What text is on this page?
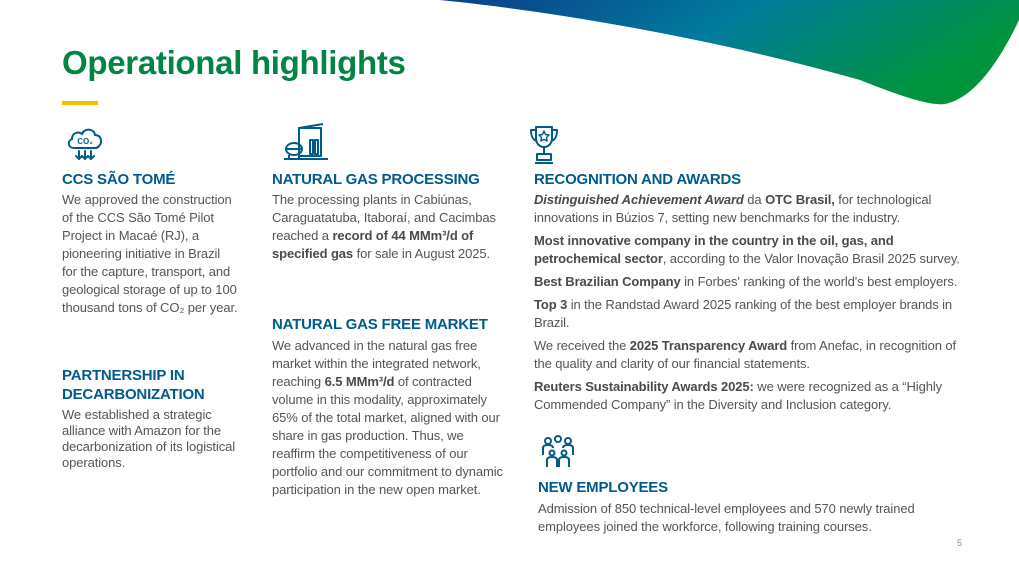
Operational highlights
CO₂
CCS SÃO TOMÉ

We approved the construction of the CCS São Tomé Pilot Project in Macaé (RJ), a pioneering initiative in Brazil for the capture, transport, and geological storage of up to 100 thousand tons of CO₂ per year.

PARTNERSHIP IN DECARBONIZATION

We established a strategic alliance with Amazon for the decarbonization of its logistical operations.

NATURAL GAS PROCESSING

The processing plants in Cabiúnas, Caraguatatuba, Itaboraí, and Cacimbas reached a record of 44 MMm³/d of specified gas for sale in August 2025.

NATURAL GAS FREE MARKET

We advanced in the natural gas free market within the integrated network, reaching 6.5 MMm³/d of contracted volume in this modality, approximately 65% of the total market, aligned with our share in gas production. Thus, we reaffirm the competitiveness of our portfolio and our commitment to dynamic participation in the new open market.

RECOGNITION AND AWARDS

Distinguished Achievement Award da OTC Brasil, for technological innovations in Búzios 7, setting new benchmarks for the industry.

Most innovative company in the country in the oil, gas, and petrochemical sector, according to the Valor Inovação Brasil 2025 survey.

Best Brazilian Company in Forbes' ranking of the world's best employers.

Top 3 in the Randstad Award 2025 ranking of the best employer brands in Brazil.

We received the 2025 Transparency Award from Anefac, in recognition of the quality and clarity of our financial statements.

Reuters Sustainability Awards 2025: we were recognized as a “Highly Commended Company” in the Diversity and Inclusion category.

NEW EMPLOYEES

Admission of 850 technical-level employees and 570 newly trained employees joined the workforce, following training courses.

5
